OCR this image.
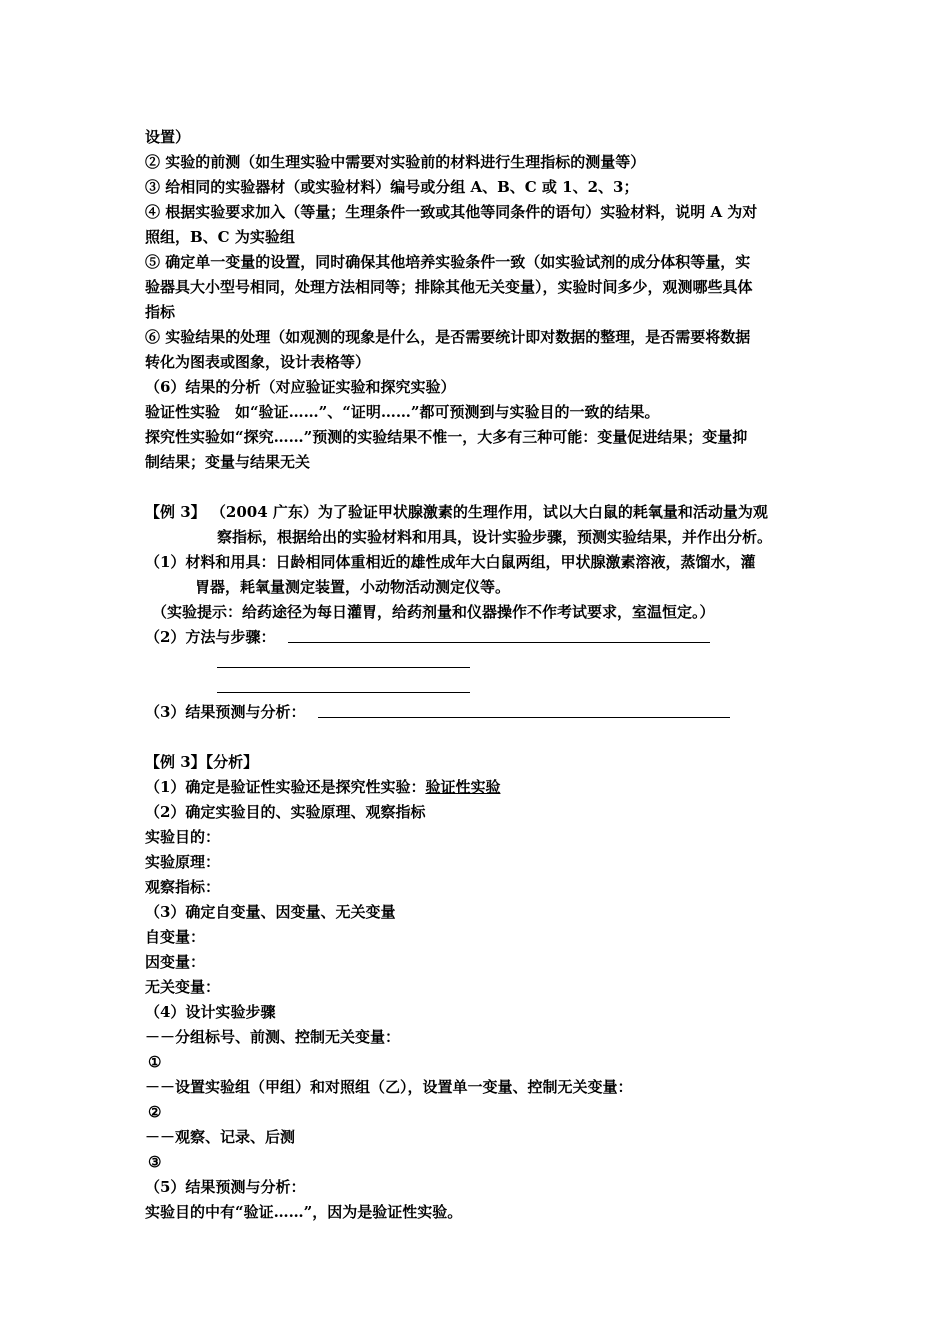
设置）
② 实验的前测（如生理实验中需要对实验前的材料进行生理指标的测量等）
③ 给相同的实验器材（或实验材料）编号或分组 A、B、C 或 1、2、3；
④ 根据实验要求加入（等量；生理条件一致或其他等同条件的语句）实验材料，说明 A 为对
照组，B、C 为实验组
⑤ 确定单一变量的设置，同时确保其他培养实验条件一致（如实验试剂的成分体积等量，实
验器具大小型号相同，处理方法相同等；排除其他无关变量），实验时间多少，观测哪些具体
指标
⑥ 实验结果的处理（如观测的现象是什么，是否需要统计即对数据的整理，是否需要将数据
转化为图表或图象，设计表格等）
（6）结果的分析（对应验证实验和探究实验）
验证性实验　如“验证……”、“证明……”都可预测到与实验目的一致的结果。
探究性实验如“探究……”预测的实验结果不惟一，大多有三种可能：变量促进结果；变量抑
制结果；变量与结果无关
【例 3】 （2004 广东）为了验证甲状腺激素的生理作用，试以大白鼠的耗氧量和活动量为观
察指标，根据给出的实验材料和用具，设计实验步骤，预测实验结果，并作出分析。
（1）材料和用具：日龄相同体重相近的雄性成年大白鼠两组，甲状腺激素溶液，蒸馏水，灌
胃器，耗氧量测定装置，小动物活动测定仪等。
（实验提示：给药途径为每日灌胃，给药剂量和仪器操作不作考试要求，室温恒定。）
（2）方法与步骤：
（3）结果预测与分析：
【例 3】【分析】
（1）确定是验证性实验还是探究性实验：验证性实验
（2）确定实验目的、实验原理、观察指标
实验目的：
实验原理：
观察指标：
（3）确定自变量、因变量、无关变量
自变量：
因变量：
无关变量：
（4）设计实验步骤
－－分组标号、前测、控制无关变量：
①
－－设置实验组（甲组）和对照组（乙），设置单一变量、控制无关变量：
②
－－观察、记录、后测
③
（5）结果预测与分析：
实验目的中有“验证……”，因为是验证性实验。
